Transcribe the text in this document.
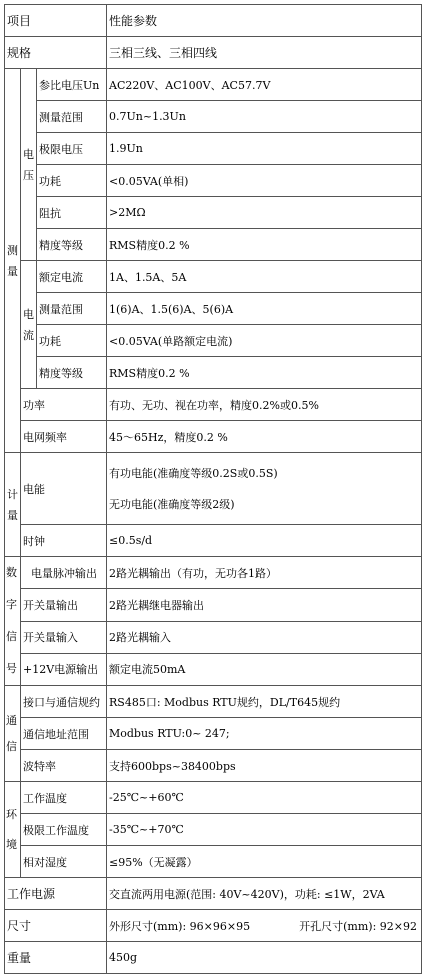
项目			性能参数
规格			三相三线、三相四线
测量	电压	参比电压Un	AC220V、AC100V、AC57.7V
		测量范围	0.7Un~1.3Un
		极限电压	1.9Un
		功耗	<0.05VA(单相)
		阻抗	>2MΩ
		精度等级	RMS精度0.2 %
	电流	额定电流	1A、1.5A、5A
		测量范围	1(6)A、1.5(6)A、5(6)A
		功耗	<0.05VA(单路额定电流)
		精度等级	RMS精度0.2 %
	功率		有功、无功、视在功率，精度0.2%或0.5%
	电网频率		45～65Hz，精度0.2 %
计量	电能		有功电能(准确度等级0.2S或0.5S)
无功电能(准确度等级2级)

	时钟		≤0.5s/d
数字信号	电量脉冲输出		2路光耦输出（有功，无功各1路）
	开关量输出		2路光耦继电器输出
	开关量输入		2路光耦输入
	+12V电源输出		额定电流50mA
通信	接口与通信规约		RS485口: Modbus RTU规约，DL/T645规约
	通信地址范围		Modbus RTU:0~ 247;
	波特率		支持600bps~38400bps
环境	工作温度		-25℃~+60℃
	极限工作温度		-35℃~+70℃
	相对湿度		≤95%（无凝露）
工作电源			交直流两用电源(范围: 40V~420V)，功耗: ≤1W，2VA
尺寸			外形尺寸(mm): 96×96×95 开孔尺寸(mm): 92×92

重量			450g
